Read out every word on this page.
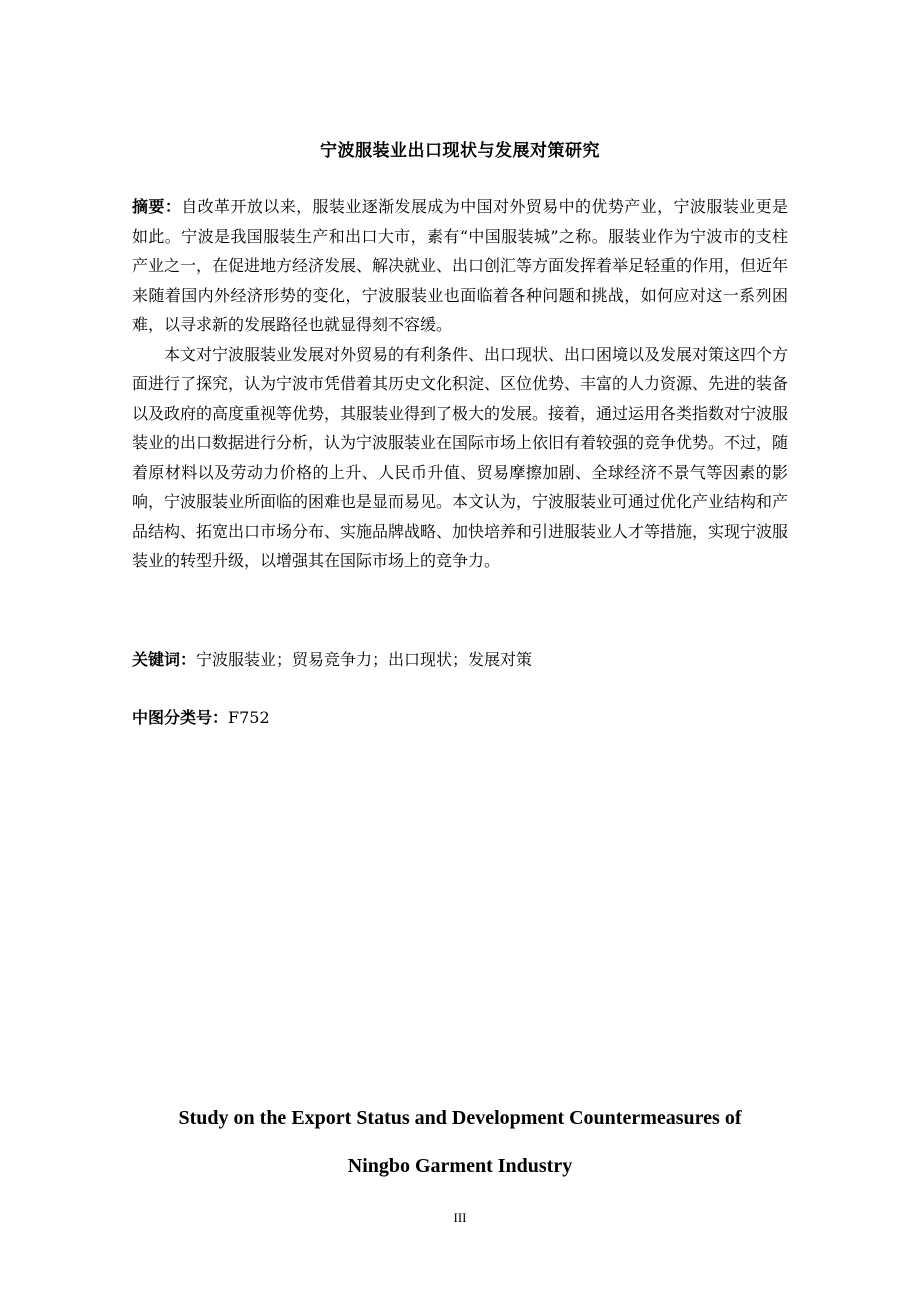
宁波服装业出口现状与发展对策研究

摘要：自改革开放以来，服装业逐渐发展成为中国对外贸易中的优势产业，宁波服装业更是如此。宁波是我国服装生产和出口大市，素有“中国服装城”之称。服装业作为宁波市的支柱产业之一，在促进地方经济发展、解决就业、出口创汇等方面发挥着举足轻重的作用，但近年来随着国内外经济形势的变化，宁波服装业也面临着各种问题和挑战，如何应对这一系列困难，以寻求新的发展路径也就显得刻不容缓。

本文对宁波服装业发展对外贸易的有利条件、出口现状、出口困境以及发展对策这四个方面进行了探究，认为宁波市凭借着其历史文化积淀、区位优势、丰富的人力资源、先进的装备以及政府的高度重视等优势，其服装业得到了极大的发展。接着，通过运用各类指数对宁波服装业的出口数据进行分析，认为宁波服装业在国际市场上依旧有着较强的竞争优势。不过，随着原材料以及劳动力价格的上升、人民币升值、贸易摩擦加剧、全球经济不景气等因素的影响，宁波服装业所面临的困难也是显而易见。本文认为，宁波服装业可通过优化产业结构和产品结构、拓宽出口市场分布、实施品牌战略、加快培养和引进服装业人才等措施，实现宁波服装业的转型升级，以增强其在国际市场上的竞争力。

关键词：宁波服装业；贸易竞争力；出口现状；发展对策
中图分类号：F752
Study on the Export Status and Development Countermeasures of
Ningbo Garment Industry
III
